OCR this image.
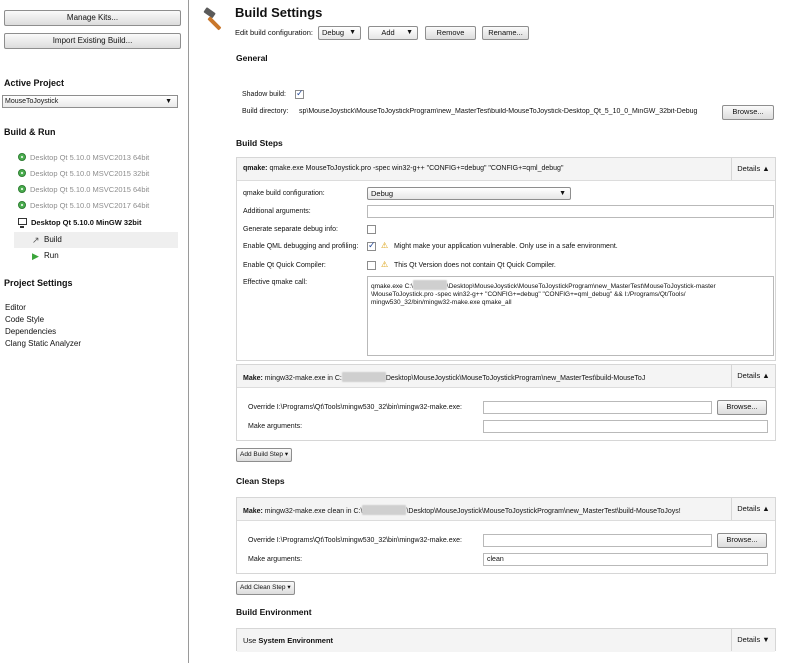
Manage Kits...
Import Existing Build...
Active Project
MouseToJoystick	▼
Build & Run
Desktop Qt 5.10.0 MSVC2013 64bit
Desktop Qt 5.10.0 MSVC2015 32bit
Desktop Qt 5.10.0 MSVC2015 64bit
Desktop Qt 5.10.0 MSVC2017 64bit
Desktop Qt 5.10.0 MinGW 32bit
↗ Build
▶ Run
Project Settings
Editor
Code Style
Dependencies
Clang Static Analyzer
Build Settings
Edit build configuration:	Debug ▼	Add ▼	Remove	Rename...
General
Shadow build:
✓
Build directory: sp\MouseJoystick\MouseToJoystickProgram\new_MasterTest\build-MouseToJoystick-Desktop_Qt_5_10_0_MinGW_32bit-Debug	Browse...
Build Steps
qmake: qmake.exe MouseToJoystick.pro -spec win32-g++ "CONFIG+=debug" "CONFIG+=qml_debug"	Details ▲
qmake build configuration:	Debug	▼
Additional arguments:
Generate separate debug info:
Enable QML debugging and profiling:
✓	⚠ Might make your application vulnerable. Only use in a safe environment.
Enable Qt Quick Compiler:	⚠ This Qt Version does not contain Qt Quick Compiler.
Effective qmake call:
qmake.exe C:\	\Desktop\MouseJoystick\MouseToJoystickProgram\new_MasterTest\MouseToJoystick-master
\MouseToJoystick.pro -spec win32-g++ "CONFIG+=debug" "CONFIG+=qml_debug" && I:/Programs/Qt/Tools/
mingw530_32/bin/mingw32-make.exe qmake_all
Make: mingw32-make.exe in C:	Desktop\MouseJoystick\MouseToJoystickProgram\new_MasterTest\build-MouseToJ	Details ▲
Override I:\Programs\Qt\Tools\mingw530_32\bin\mingw32-make.exe:	Browse...
Make arguments:
Add Build Step ▾
Clean Steps
Make: mingw32-make.exe clean in C:\	\Desktop\MouseJoystick\MouseToJoystickProgram\new_MasterTest\build-MouseToJoys!	Details ▲
Override I:\Programs\Qt\Tools\mingw530_32\bin\mingw32-make.exe:	Browse...
Make arguments:	clean
Add Clean Step ▾
Build Environment
Use System Environment	Details ▼
